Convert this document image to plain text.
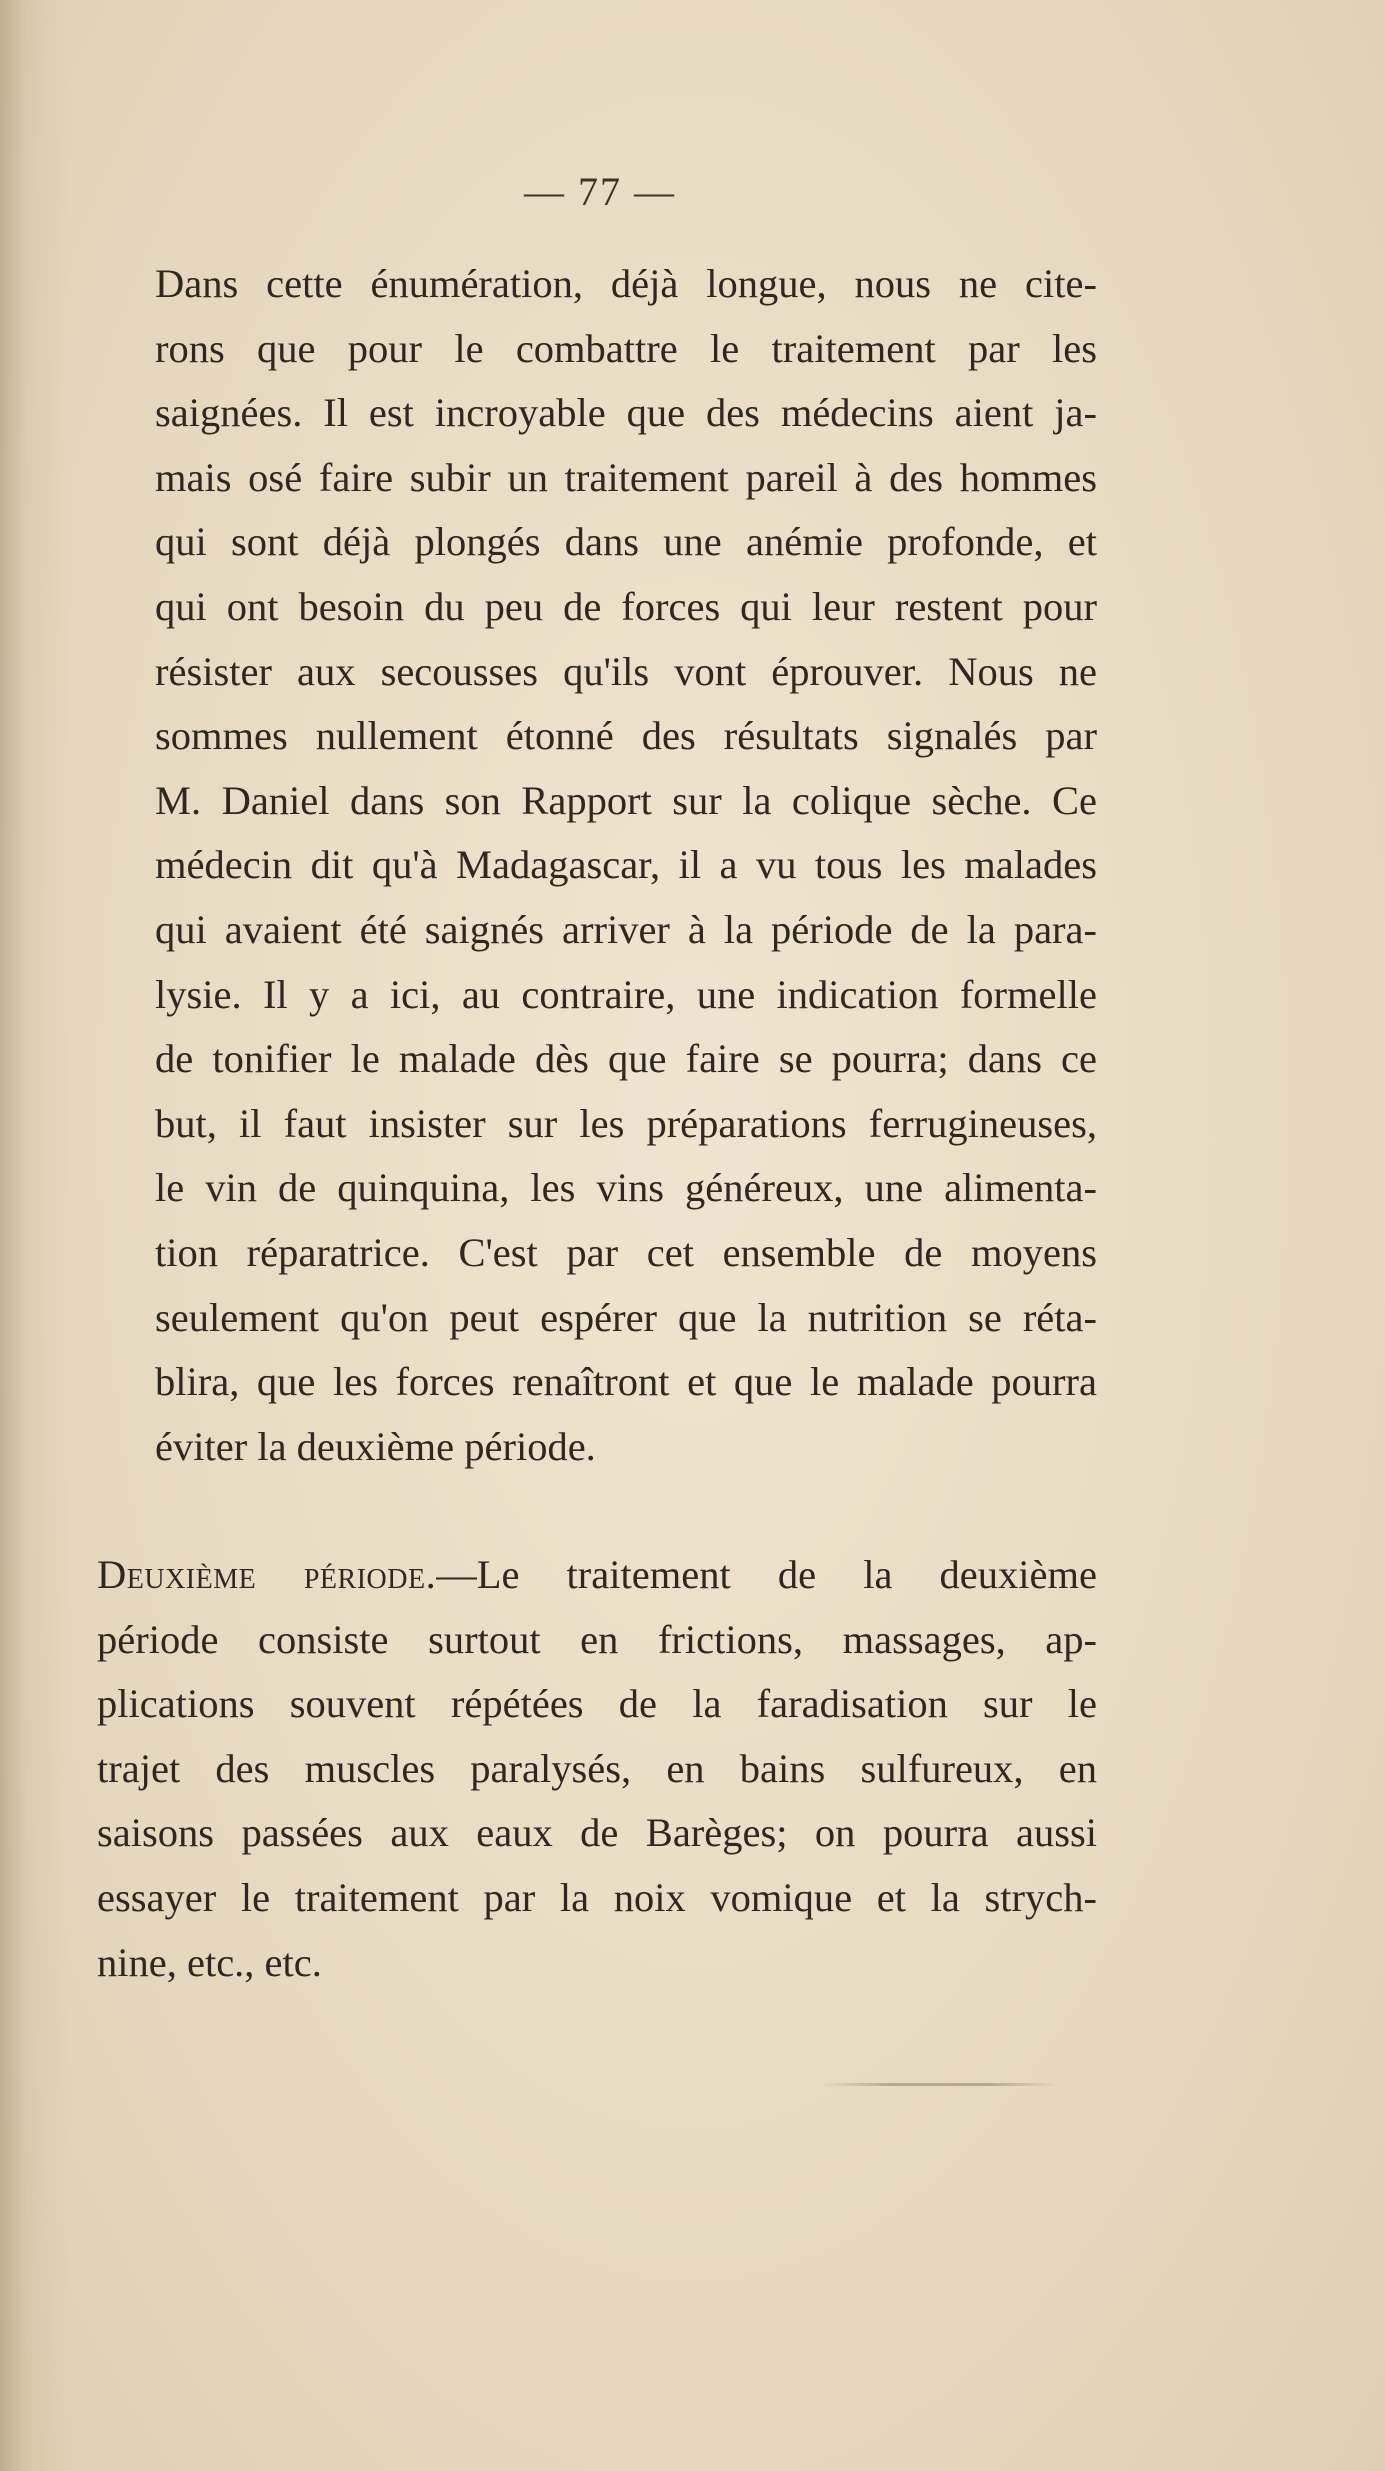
— 77 —

Dans cette énumération, déjà longue, nous ne cite-
rons que pour le combattre le traitement par les
saignées. Il est incroyable que des médecins aient ja-
mais osé faire subir un traitement pareil à des hommes
qui sont déjà plongés dans une anémie profonde, et
qui ont besoin du peu de forces qui leur restent pour
résister aux secousses qu'ils vont éprouver. Nous ne
sommes nullement étonné des résultats signalés par
M. Daniel dans son Rapport sur la colique sèche. Ce
médecin dit qu'à Madagascar, il a vu tous les malades
qui avaient été saignés arriver à la période de la para-
lysie. Il y a ici, au contraire, une indication formelle
de tonifier le malade dès que faire se pourra; dans ce
but, il faut insister sur les préparations ferrugineuses,
le vin de quinquina, les vins généreux, une alimenta-
tion réparatrice. C'est par cet ensemble de moyens
seulement qu'on peut espérer que la nutrition se réta-
blira, que les forces renaîtront et que le malade pourra
éviter la deuxième période.

Deuxième période.—Le traitement de la deuxième
période consiste surtout en frictions, massages, ap-
plications souvent répétées de la faradisation sur le
trajet des muscles paralysés, en bains sulfureux, en
saisons passées aux eaux de Barèges; on pourra aussi
essayer le traitement par la noix vomique et la strych-
nine, etc., etc.
